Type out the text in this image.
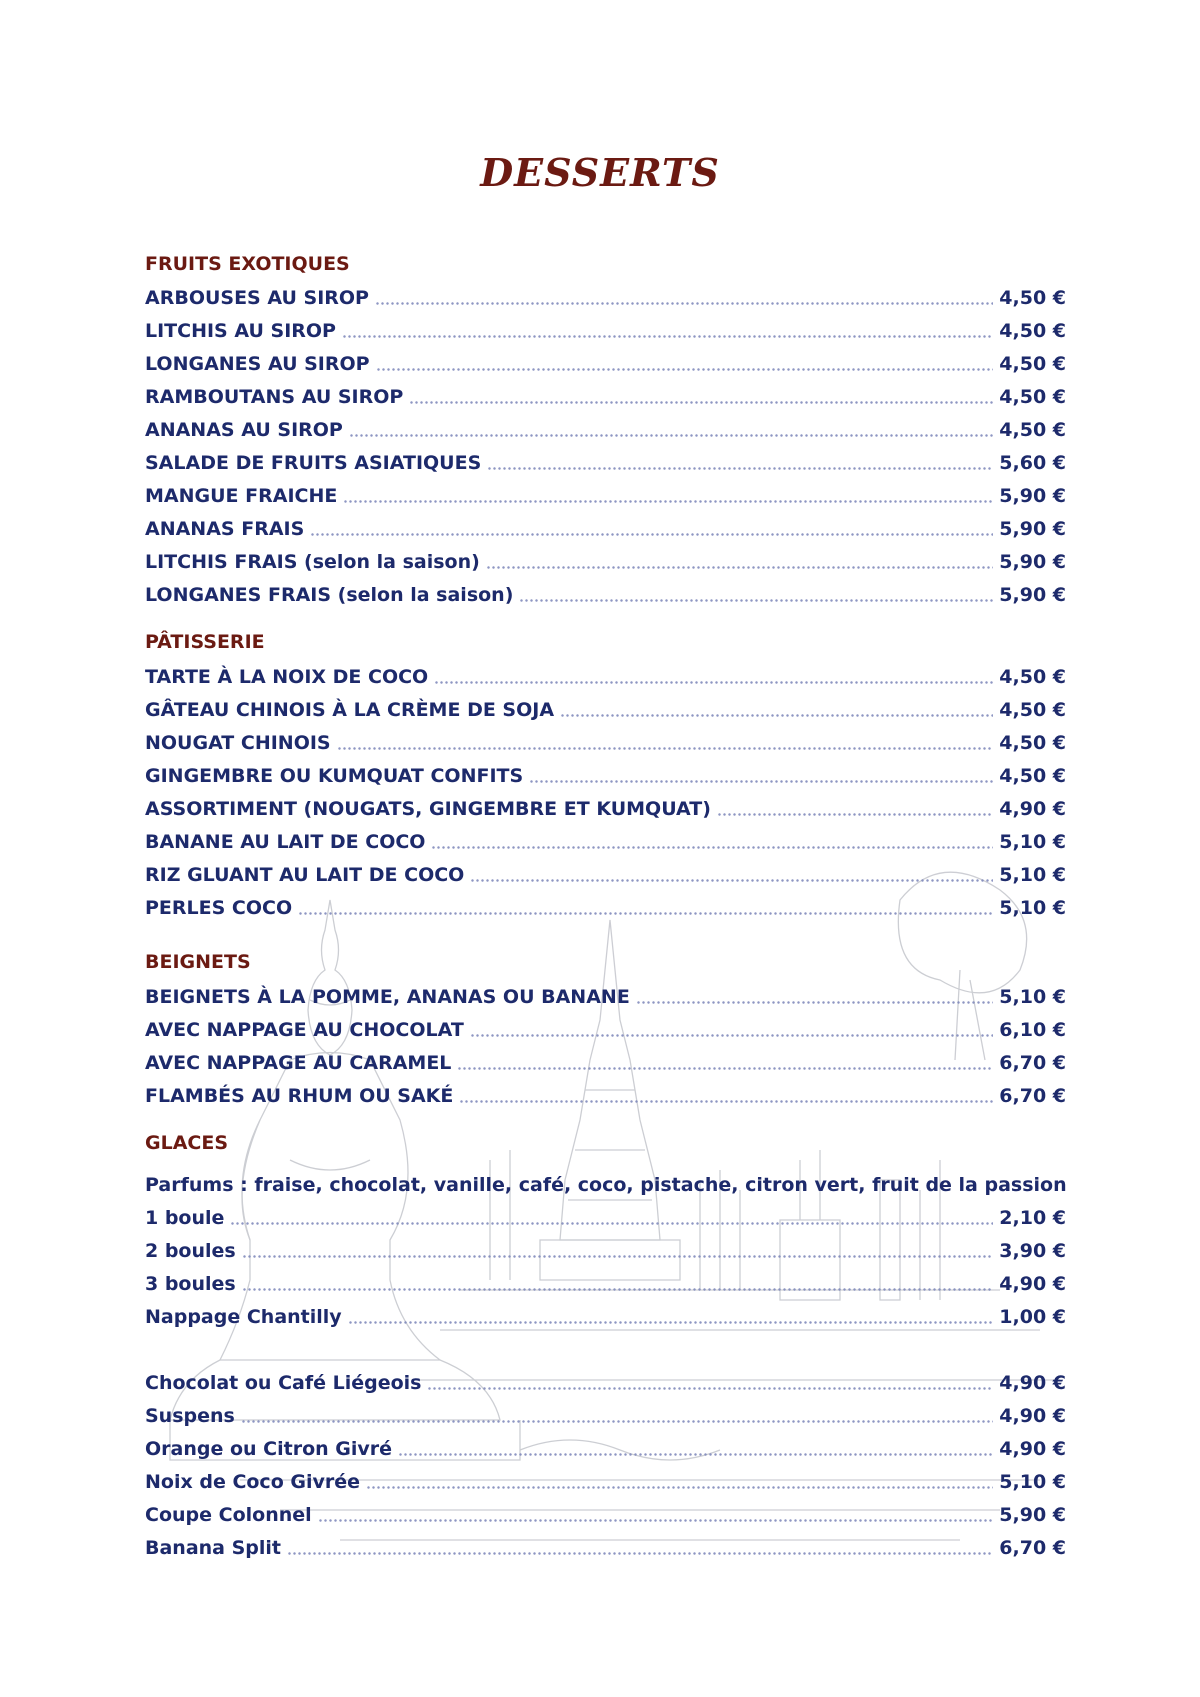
DESSERTS
FRUITS EXOTIQUES
ARBOUSES AU SIROP	4,50 €
LITCHIS AU SIROP	4,50 €
LONGANES AU SIROP	4,50 €
RAMBOUTANS AU SIROP	4,50 €
ANANAS AU SIROP	4,50 €
SALADE DE FRUITS ASIATIQUES	5,60 €
MANGUE FRAICHE	5,90 €
ANANAS FRAIS	5,90 €
LITCHIS FRAIS (selon la saison)	5,90 €
LONGANES FRAIS (selon la saison)	5,90 €
PÂTISSERIE
TARTE À LA NOIX DE COCO	4,50 €
GÂTEAU CHINOIS À LA CRÈME DE SOJA	4,50 €
NOUGAT CHINOIS	4,50 €
GINGEMBRE OU KUMQUAT CONFITS	4,50 €
ASSORTIMENT (NOUGATS, GINGEMBRE ET KUMQUAT)	4,90 €
BANANE AU LAIT DE COCO	5,10 €
RIZ GLUANT AU LAIT DE COCO	5,10 €
PERLES COCO	5,10 €
BEIGNETS
BEIGNETS À LA POMME, ANANAS OU BANANE	5,10 €
AVEC NAPPAGE AU CHOCOLAT	6,10 €
AVEC NAPPAGE AU CARAMEL	6,70 €
FLAMBÉS AU RHUM OU SAKÉ	6,70 €
GLACES
Parfums : fraise, chocolat, vanille, café, coco, pistache, citron vert, fruit de la passion
1 boule	2,10 €
2 boules	3,90 €
3 boules	4,90 €
Nappage Chantilly	1,00 €
Chocolat ou Café Liégeois	4,90 €
Suspens	4,90 €
Orange ou Citron Givré	4,90 €
Noix de Coco Givrée	5,10 €
Coupe Colonnel	5,90 €
Banana Split	6,70 €
